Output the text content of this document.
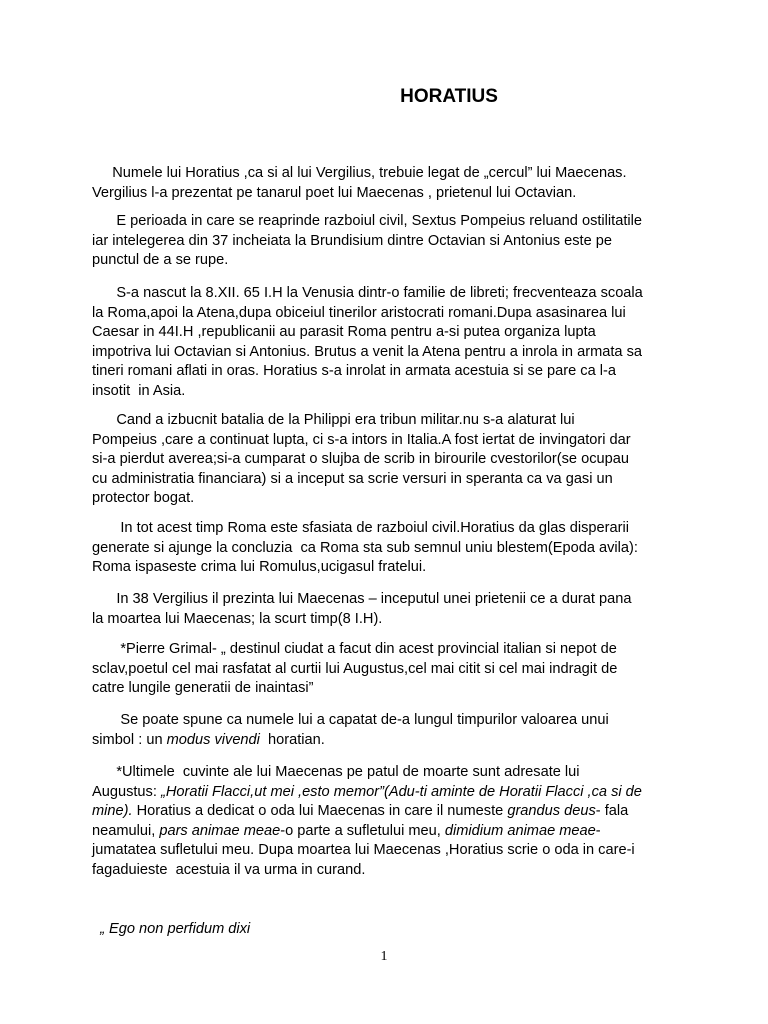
HORATIUS
Numele lui Horatius ,ca si al lui Vergilius, trebuie legat de „cercul” lui Maecenas.
Vergilius l-a prezentat pe tanarul poet lui Maecenas , prietenul lui Octavian.
E perioada in care se reaprinde razboiul civil, Sextus Pompeius reluand ostilitatile
iar intelegerea din 37 incheiata la Brundisium dintre Octavian si Antonius este pe
punctul de a se rupe.
S-a nascut la 8.XII. 65 I.H la Venusia dintr-o familie de libreti; frecventeaza scoala
la Roma,apoi la Atena,dupa obiceiul tinerilor aristocrati romani.Dupa asasinarea lui
Caesar in 44I.H ,republicanii au parasit Roma pentru a-si putea organiza lupta
impotriva lui Octavian si Antonius. Brutus a venit la Atena pentru a inrola in armata sa
tineri romani aflati in oras. Horatius s-a inrolat in armata acestuia si se pare ca l-a
insotit  in Asia.
Cand a izbucnit batalia de la Philippi era tribun militar.nu s-a alaturat lui
Pompeius ,care a continuat lupta, ci s-a intors in Italia.A fost iertat de invingatori dar
si-a pierdut averea;si-a cumparat o slujba de scrib in birourile cvestorilor(se ocupau
cu administratia financiara) si a inceput sa scrie versuri in speranta ca va gasi un
protector bogat.
In tot acest timp Roma este sfasiata de razboiul civil.Horatius da glas disperarii
generate si ajunge la concluzia  ca Roma sta sub semnul uniu blestem(Epoda avila):
Roma ispaseste crima lui Romulus,ucigasul fratelui.
In 38 Vergilius il prezinta lui Maecenas – inceputul unei prietenii ce a durat pana
la moartea lui Maecenas; la scurt timp(8 I.H).
*Pierre Grimal- „ destinul ciudat a facut din acest provincial italian si nepot de
sclav,poetul cel mai rasfatat al curtii lui Augustus,cel mai citit si cel mai indragit de
catre lungile generatii de inaintasi”
Se poate spune ca numele lui a capatat de-a lungul timpurilor valoarea unui
simbol : un modus vivendi  horatian.
*Ultimele  cuvinte ale lui Maecenas pe patul de moarte sunt adresate lui
Augustus: „Horatii Flacci,ut mei ,esto memor”(Adu-ti aminte de Horatii Flacci ,ca si de
mine). Horatius a dedicat o oda lui Maecenas in care il numeste grandus deus- fala
neamului, pars animae meae-o parte a sufletului meu, dimidium animae meae-
jumatatea sufletului meu. Dupa moartea lui Maecenas ,Horatius scrie o oda in care-i
fagaduieste  acestuia il va urma in curand.
„ Ego non perfidum dixi
1
